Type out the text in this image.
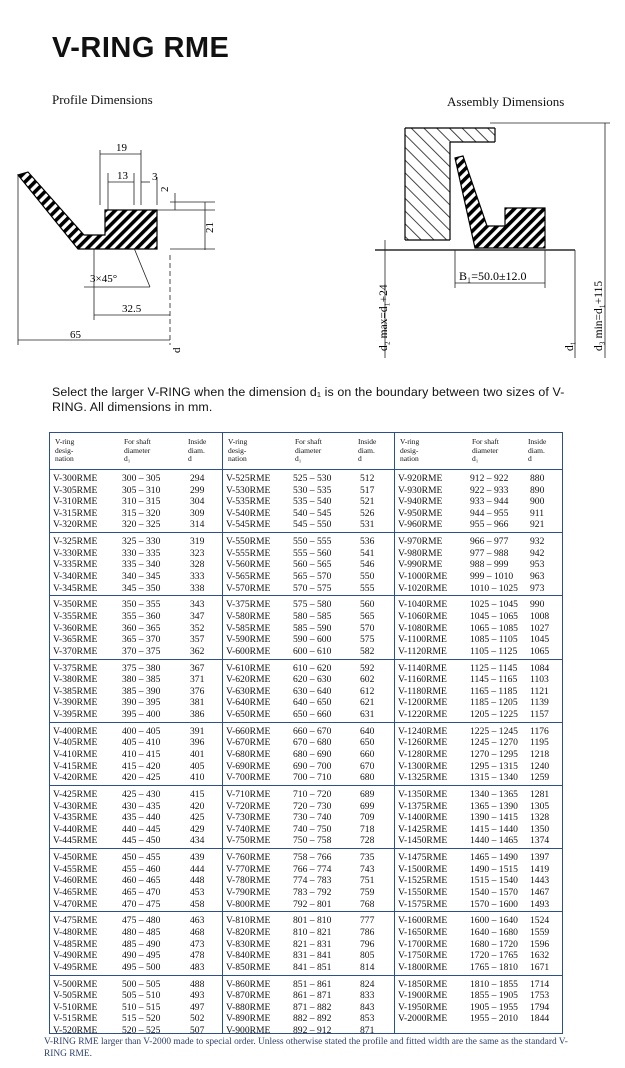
V-RING RME
Profile Dimensions	Assembly Dimensions
19
13 3
2
21
3×45°
32.5
65
d
B₁=50.0±12.0
d₂ max=d₁+24	d₃ min=d₁+115
d₁
Select the larger V-RING when the dimension d₁ is on the boundary between two sizes of V-RING. All dimensions in mm.
V-ring
desig-
nation
For shaft
diameter
d₁
Inside
diam.
d
V-300RME	300 – 305	294
V-305RME	305 – 310	299
V-310RME	310 – 315	304
V-315RME	315 – 320	309
V-320RME	320 – 325	314
V-325RME	325 – 330	319
V-330RME	330 – 335	323
V-335RME	335 – 340	328
V-340RME	340 – 345	333
V-345RME	345 – 350	338
V-350RME	350 – 355	343
V-355RME	355 – 360	347
V-360RME	360 – 365	352
V-365RME	365 – 370	357
V-370RME	370 – 375	362
V-375RME	375 – 380	367
V-380RME	380 – 385	371
V-385RME	385 – 390	376
V-390RME	390 – 395	381
V-395RME	395 – 400	386
V-400RME	400 – 405	391
V-405RME	405 – 410	396
V-410RME	410 – 415	401
V-415RME	415 – 420	405
V-420RME	420 – 425	410
V-425RME	425 – 430	415
V-430RME	430 – 435	420
V-435RME	435 – 440	425
V-440RME	440 – 445	429
V-445RME	445 – 450	434
V-450RME	450 – 455	439
V-455RME	455 – 460	444
V-460RME	460 – 465	448
V-465RME	465 – 470	453
V-470RME	470 – 475	458
V-475RME	475 – 480	463
V-480RME	480 – 485	468
V-485RME	485 – 490	473
V-490RME	490 – 495	478
V-495RME	495 – 500	483
V-500RME	500 – 505	488
V-505RME	505 – 510	493
V-510RME	510 – 515	497
V-515RME	515 – 520	502
V-520RME	520 – 525	507
V-ring
desig-
nation
For shaft
diameter
d₁
Inside
diam.
d
V-525RME 525 – 530	512
V-530RME 530 – 535	517
V-535RME 535 – 540	521
V-540RME 540 – 545	526
V-545RME 545 – 550	531
V-550RME 550 – 555	536
V-555RME 555 – 560	541
V-560RME 560 – 565	546
V-565RME 565 – 570	550
V-570RME 570 – 575	555
V-375RME 575 – 580	560
V-580RME 580 – 585	565
V-585RME 585 – 590	570
V-590RME 590 – 600	575
V-600RME 600 – 610	582
V-610RME 610 – 620	592
V-620RME 620 – 630	602
V-630RME 630 – 640	612
V-640RME 640 – 650	621
V-650RME 650 – 660	631
V-660RME 660 – 670	640
V-670RME 670 – 680	650
V-680RME 680 – 690	660
V-690RME 690 – 700	670
V-700RME 700 – 710	680
V-710RME 710 – 720	689
V-720RME 720 – 730	699
V-730RME 730 – 740	709
V-740RME 740 – 750	718
V-750RME 750 – 758	728
V-760RME 758 – 766	735
V-770RME 766 – 774	743
V-780RME 774 – 783	751
V-790RME 783 – 792	759
V-800RME 792 – 801	768
V-810RME 801 – 810	777
V-820RME 810 – 821	786
V-830RME 821 – 831	796
V-840RME 831 – 841	805
V-850RME 841 – 851	814
V-860RME 851 – 861	824
V-870RME 861 – 871	833
V-880RME 871 – 882	843
V-890RME 882 – 892	853
V-900RME 892 – 912	871
V-ring
desig-
nation
For shaft
diameter
d₁
Inside
diam.
d
V-920RME	912 – 922 880
V-930RME	922 – 933 890
V-940RME	933 – 944 900
V-950RME	944 – 955 911
V-960RME	955 – 966 921
V-970RME	966 – 977 932
V-980RME	977 – 988 942
V-990RME	988 – 999 953
V-1000RME 999 – 1010 963
V-1020RME 1010 – 1025 973
V-1040RME 1025 – 1045 990
V-1060RME 1045 – 1065 1008
V-1080RME 1065 – 1085 1027
V-1100RME 1085 – 1105 1045
V-1120RME 1105 – 1125 1065
V-1140RME 1125 – 1145 1084
V-1160RME 1145 – 1165 1103
V-1180RME 1165 – 1185 1121
V-1200RME 1185 – 1205 1139
V-1220RME 1205 – 1225 1157
V-1240RME 1225 – 1245 1176
V-1260RME 1245 – 1270 1195
V-1280RME 1270 – 1295 1218
V-1300RME 1295 – 1315 1240
V-1325RME 1315 – 1340 1259
V-1350RME 1340 – 1365 1281
V-1375RME 1365 – 1390 1305
V-1400RME 1390 – 1415 1328
V-1425RME 1415 – 1440 1350
V-1450RME 1440 – 1465 1374
V-1475RME 1465 – 1490 1397
V-1500RME 1490 – 1515 1419
V-1525RME 1515 – 1540 1443
V-1550RME 1540 – 1570 1467
V-1575RME 1570 – 1600 1493
V-1600RME 1600 – 1640 1524
V-1650RME 1640 – 1680 1559
V-1700RME 1680 – 1720 1596
V-1750RME 1720 – 1765 1632
V-1800RME 1765 – 1810 1671
V-1850RME 1810 – 1855 1714
V-1900RME 1855 – 1905 1753
V-1950RME 1905 – 1955 1794
V-2000RME 1955 – 2010 1844
V-RING RME larger than V-2000 made to special order. Unless otherwise stated the profile and fitted width are the same as the standard V-RING RME.
